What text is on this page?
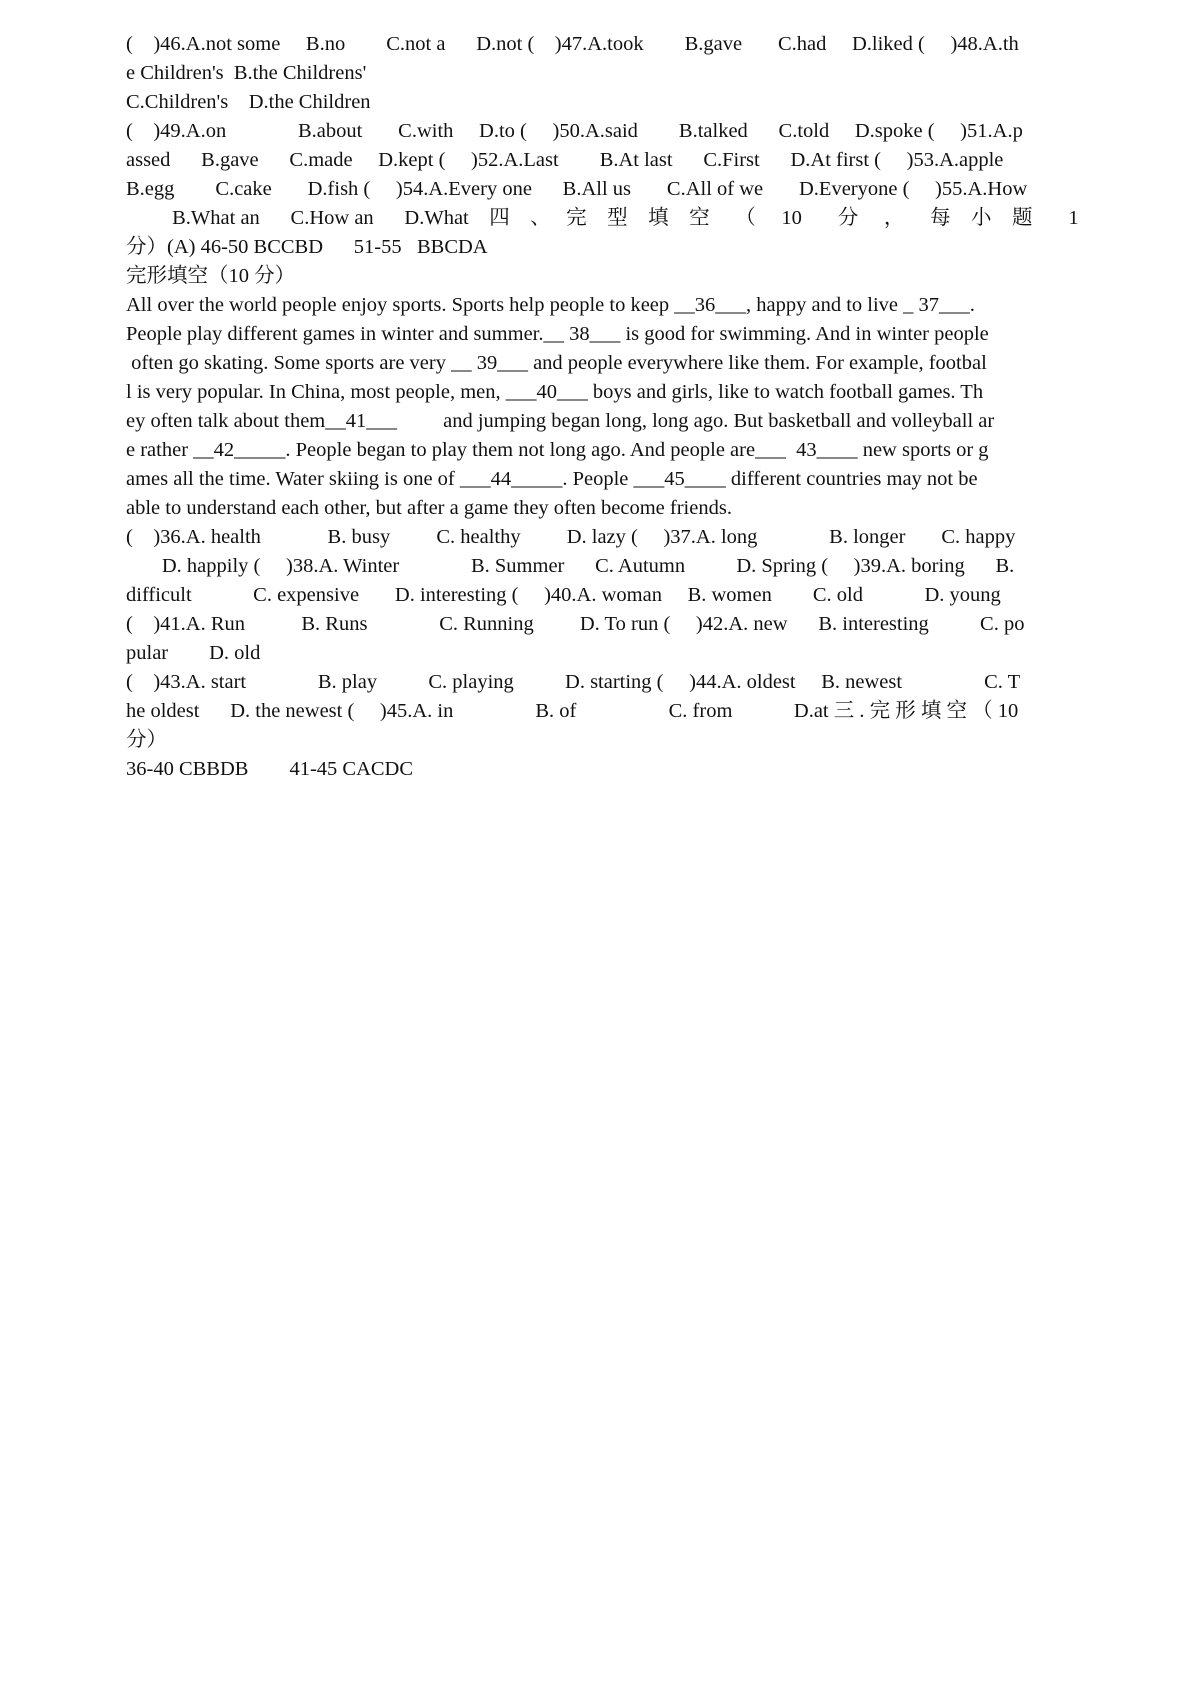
(    )46.A.not some     B.no        C.not a      D.not (    )47.A.took        B.gave       C.had     D.liked (     )48.A.th
e Children's  B.the Childrens'
C.Children's    D.the Children
(    )49.A.on              B.about       C.with     D.to (     )50.A.said        B.talked      C.told     D.spoke (     )51.A.p
assed      B.gave      C.made     D.kept (     )52.A.Last        B.At last      C.First      D.At first (     )53.A.apple
B.egg        C.cake       D.fish (     )54.A.Every one      B.All us       C.All of we       D.Everyone (     )55.A.How
B.What an      C.How an      D.What    四    、   完    型    填    空     （     10       分     ，     每    小    题       1
分）(A) 46-50 BCCBD      51-55   BBCDA
完形填空（10 分）
All over the world people enjoy sports. Sports help people to keep __36___, happy and to live _ 37___.
People play different games in winter and summer.__ 38___ is good for swimming. And in winter people
often go skating. Some sports are very __ 39___ and people everywhere like them. For example, footbal
l is very popular. In China, most people, men, ___40___ boys and girls, like to watch football games. Th
ey often talk about them__41___         and jumping began long, long ago. But basketball and volleyball ar
e rather __42_____. People began to play them not long ago. And people are___  43____ new sports or g
ames all the time. Water skiing is one of ___44_____. People ___45____ different countries may not be
able to understand each other, but after a game they often become friends.
(    )36.A. health             B. busy         C. healthy         D. lazy (     )37.A. long              B. longer       C. happy
D. happily (     )38.A. Winter              B. Summer      C. Autumn          D. Spring (     )39.A. boring      B.
difficult            C. expensive       D. interesting (     )40.A. woman     B. women        C. old            D. young
(    )41.A. Run           B. Runs              C. Running         D. To run (     )42.A. new      B. interesting          C. po
pular        D. old
(    )43.A. start              B. play          C. playing          D. starting (     )44.A. oldest     B. newest                C. T
he oldest      D. the newest (     )45.A. in                B. of                  C. from            D.at 三 . 完 形 填 空 （ 10
分）
36-40 CBBDB        41-45 CACDC
